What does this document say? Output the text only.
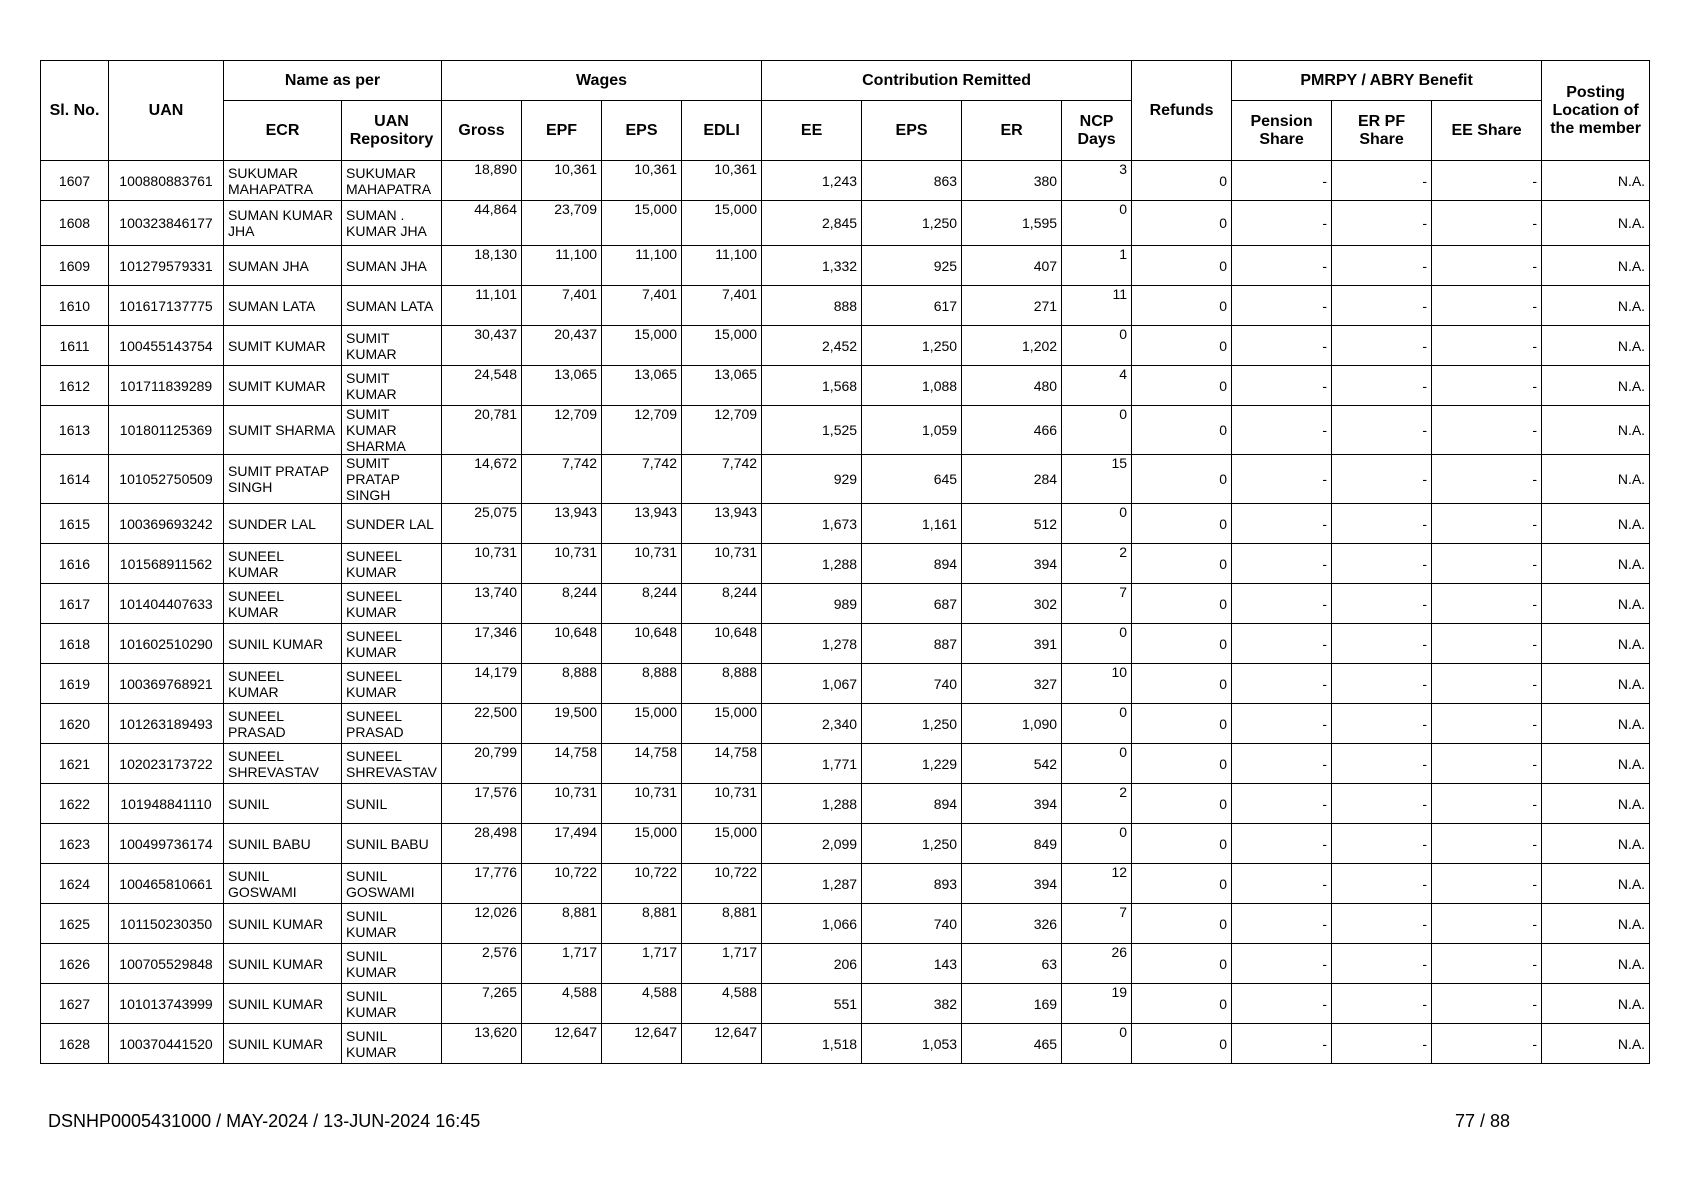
Sl. No.	UAN	Name as per		Wages				Contribution Remitted				Refunds	PMRPY / ABRY Benefit			Posting Location of the member
		ECR	UAN Repository	Gross	EPF	EPS	EDLI	EE	EPS	ER	NCP Days		Pension Share	ER PF Share	EE Share	
1607	100880883761	SUKUMAR MAHAPATRA	SUKUMAR MAHAPATRA	18,890	10,361	10,361	10,361	1,243	863	380	3	0	-	-	-	N.A.
1608	100323846177	SUMAN KUMAR JHA	SUMAN . KUMAR JHA	44,864	23,709	15,000	15,000	2,845	1,250	1,595	0	0	-	-	-	N.A.
1609	101279579331	SUMAN JHA	SUMAN JHA	18,130	11,100	11,100	11,100	1,332	925	407	1	0	-	-	-	N.A.
1610	101617137775	SUMAN LATA	SUMAN LATA	11,101	7,401	7,401	7,401	888	617	271	11	0	-	-	-	N.A.
1611	100455143754	SUMIT KUMAR	SUMIT KUMAR	30,437	20,437	15,000	15,000	2,452	1,250	1,202	0	0	-	-	-	N.A.
1612	101711839289	SUMIT KUMAR	SUMIT KUMAR	24,548	13,065	13,065	13,065	1,568	1,088	480	4	0	-	-	-	N.A.
1613	101801125369	SUMIT SHARMA	SUMIT KUMAR SHARMA	20,781	12,709	12,709	12,709	1,525	1,059	466	0	0	-	-	-	N.A.
1614	101052750509	SUMIT PRATAP SINGH	SUMIT PRATAP SINGH	14,672	7,742	7,742	7,742	929	645	284	15	0	-	-	-	N.A.
1615	100369693242	SUNDER LAL	SUNDER LAL	25,075	13,943	13,943	13,943	1,673	1,161	512	0	0	-	-	-	N.A.
1616	101568911562	SUNEEL KUMAR	SUNEEL KUMAR	10,731	10,731	10,731	10,731	1,288	894	394	2	0	-	-	-	N.A.
1617	101404407633	SUNEEL KUMAR	SUNEEL KUMAR	13,740	8,244	8,244	8,244	989	687	302	7	0	-	-	-	N.A.
1618	101602510290	SUNIL KUMAR	SUNEEL KUMAR	17,346	10,648	10,648	10,648	1,278	887	391	0	0	-	-	-	N.A.
1619	100369768921	SUNEEL KUMAR	SUNEEL KUMAR	14,179	8,888	8,888	8,888	1,067	740	327	10	0	-	-	-	N.A.
1620	101263189493	SUNEEL PRASAD	SUNEEL PRASAD	22,500	19,500	15,000	15,000	2,340	1,250	1,090	0	0	-	-	-	N.A.
1621	102023173722	SUNEEL SHREVASTAV	SUNEEL SHREVASTAV	20,799	14,758	14,758	14,758	1,771	1,229	542	0	0	-	-	-	N.A.
1622	101948841110	SUNIL	SUNIL	17,576	10,731	10,731	10,731	1,288	894	394	2	0	-	-	-	N.A.
1623	100499736174	SUNIL BABU	SUNIL BABU	28,498	17,494	15,000	15,000	2,099	1,250	849	0	0	-	-	-	N.A.
1624	100465810661	SUNIL GOSWAMI	SUNIL GOSWAMI	17,776	10,722	10,722	10,722	1,287	893	394	12	0	-	-	-	N.A.
1625	101150230350	SUNIL KUMAR	SUNIL KUMAR	12,026	8,881	8,881	8,881	1,066	740	326	7	0	-	-	-	N.A.
1626	100705529848	SUNIL KUMAR	SUNIL KUMAR	2,576	1,717	1,717	1,717	206	143	63	26	0	-	-	-	N.A.
1627	101013743999	SUNIL KUMAR	SUNIL KUMAR	7,265	4,588	4,588	4,588	551	382	169	19	0	-	-	-	N.A.
1628	100370441520	SUNIL KUMAR	SUNIL KUMAR	13,620	12,647	12,647	12,647	1,518	1,053	465	0	0	-	-	-	N.A.
DSNHP0005431000 / MAY-2024 / 13-JUN-2024 16:45	77 / 88
